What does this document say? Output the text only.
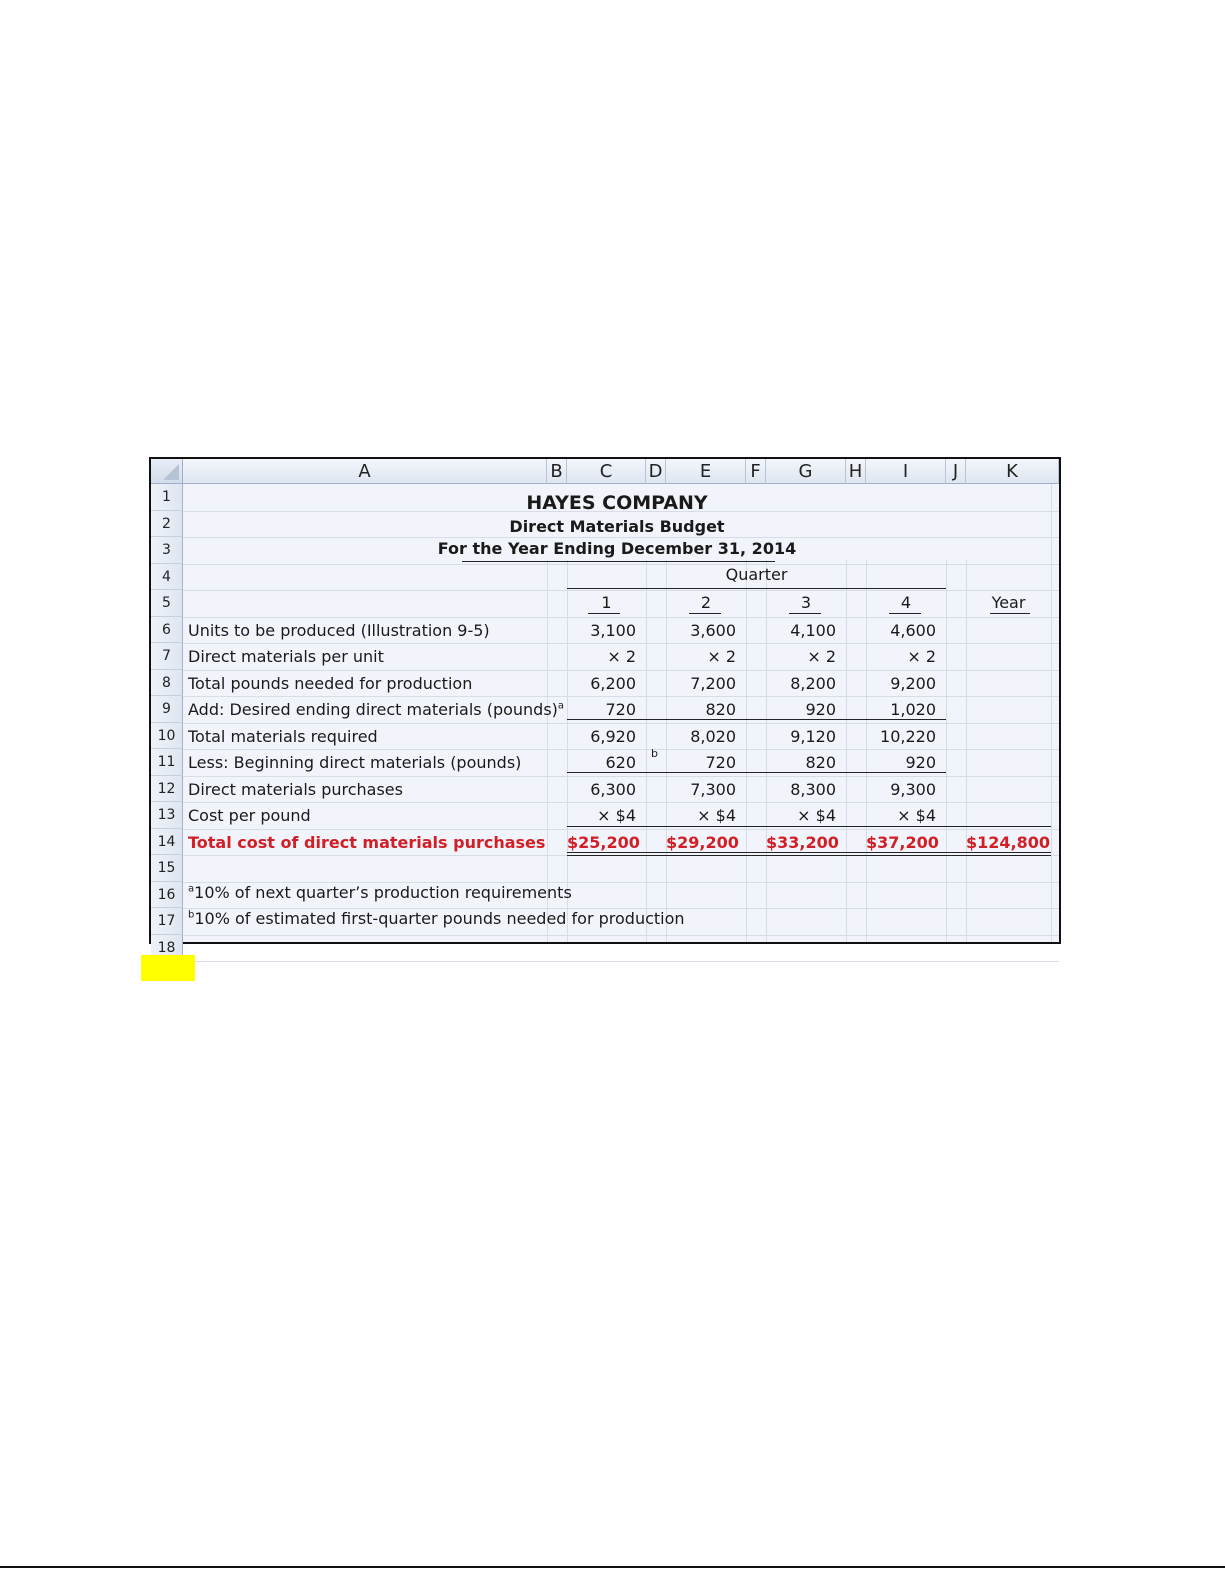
A	B	C	D	E	F	G	H	I	J	K
1
2
3
4
5
6
7
8
9
10
11
12
13
14
15
16
17
18
HAYES COMPANY
Direct Materials Budget
For the Year Ending December 31, 2014
Quarter
1	2	3	4	Year
Units to be produced (Illustration 9-5)	3,100	3,600	4,100	4,600
Direct materials per unit	× 2	× 2	× 2	× 2
Total pounds needed for production	6,200	7,200	8,200	9,200
Add: Desired ending direct materials (pounds)$^a$	720	820	920	1,020
Total materials required	6,920	8,020	9,120	10,220
Less: Beginning direct materials (pounds)	620	720	820	920
b
Direct materials purchases	6,300	7,300	8,300	9,300
Cost per pound	× $4	× $4	× $4	× $4
Total cost of direct materials purchases $25,200 $29,200 $33,200 $37,200 $124,800
$^a$10% of next quarter’s production requirements
$^b$10% of estimated first-quarter pounds needed for production
